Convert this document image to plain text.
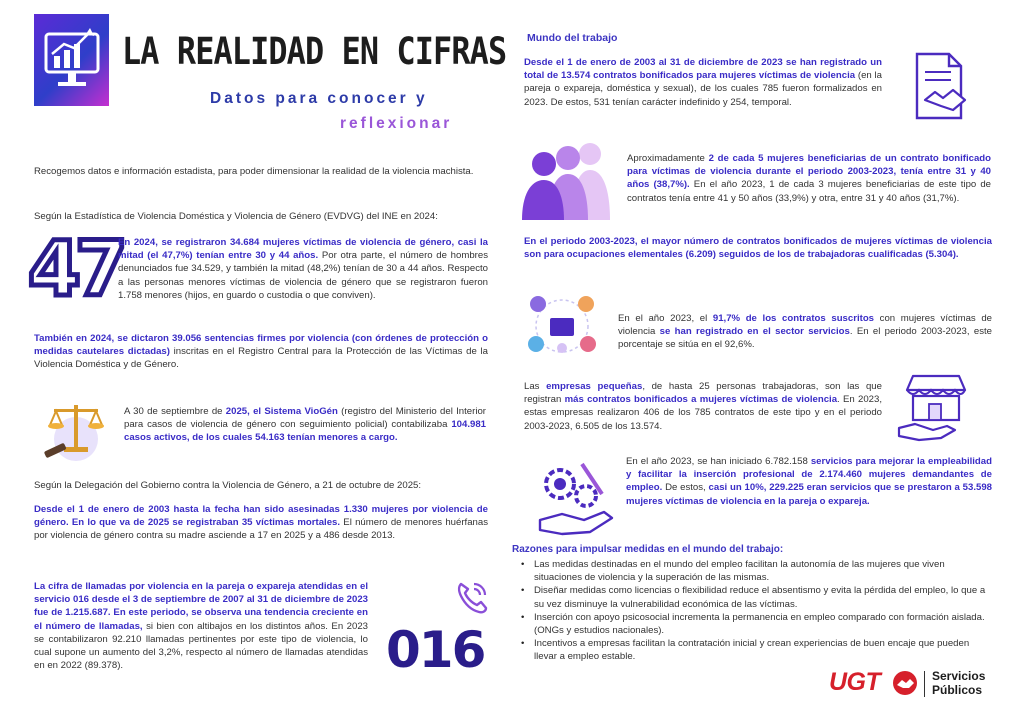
LA REALIDAD EN CIFRAS
Datos para conocer y
reflexionar
Recogemos datos e información estadista, para poder dimensionar la realidad de la violencia machista.
Según la Estadística de Violencia Doméstica y Violencia de Género (EVDVG) del INE en 2024:
47
En 2024, se registraron 34.684 mujeres víctimas de violencia de género, casi la mitad (el 47,7%) tenían entre 30 y 44 años. Por otra parte, el número de hombres denunciados fue 34.529, y también la mitad (48,2%) tenían de 30 a 44 años. Respecto a las personas menores víctimas de violencia de género que se registraron fueron 1.758 menores (hijos, en guardo o custodia o que conviven).
También en 2024, se dictaron 39.056 sentencias firmes por violencia (con órdenes de protección o medidas cautelares dictadas) inscritas en el Registro Central para la Protección de las Víctimas de la Violencia Doméstica y de Género.
A 30 de septiembre de 2025, el Sistema VioGén (registro del Ministerio del Interior para casos de violencia de género con seguimiento policial) contabilizaba 104.981 casos activos, de los cuales 54.163 tenían menores a cargo.
Según la Delegación del Gobierno contra la Violencia de Género, a 21 de octubre de 2025:
Desde el 1 de enero de 2003 hasta la fecha han sido asesinadas 1.330 mujeres por violencia de género. En lo que va de 2025 se registraban 35 víctimas mortales. El número de menores huérfanas por violencia de género contra su madre asciende a 17 en 2025 y a 486 desde 2013.
La cifra de llamadas por violencia en la pareja o expareja atendidas en el servicio 016 desde el 3 de septiembre de 2007 al 31 de diciembre de 2023 fue de 1.215.687. En este periodo, se observa una tendencia creciente en el número de llamadas, si bien con altibajos en los distintos años. En 2023 se contabilizaron 92.210 llamadas pertinentes por este tipo de violencia, lo cual supone un aumento del 3,2%, respecto al número de llamadas atendidas en en 2022 (89.378).	016
Mundo del trabajo
Desde el 1 de enero de 2003 al 31 de diciembre de 2023 se han registrado un total de 13.574 contratos bonificados para mujeres víctimas de violencia (en la pareja o expareja, doméstica y sexual), de los cuales 785 fueron formalizados en 2023. De estos, 531 tenían carácter indefinido y 254, temporal.
Aproximadamente 2 de cada 5 mujeres beneficiarias de un contrato bonificado para víctimas de violencia durante el periodo 2003-2023, tenía entre 31 y 40 años (38,7%). En el año 2023, 1 de cada 3 mujeres beneficiarias de este tipo de contratos tenía entre 41 y 50 años (33,9%) y otra, entre 31 y 40 años (31,7%).
En el periodo 2003-2023, el mayor número de contratos bonificados de mujeres víctimas de violencia son para ocupaciones elementales (6.209) seguidos de los de trabajadoras cualificadas (5.304).
En el año 2023, el 91,7% de los contratos suscritos con mujeres víctimas de violencia se han registrado en el sector servicios. En el periodo 2003-2023, este porcentaje se sitúa en el 92,6%.
Las empresas pequeñas, de hasta 25 personas trabajadoras, son las que registran más contratos bonificados a mujeres víctimas de violencia. En 2023, estas empresas realizaron 406 de los 785 contratos de este tipo y en el periodo 2003-2023, 6.505 de los 13.574.
En el año 2023, se han iniciado 6.782.158 servicios para mejorar la empleabilidad y facilitar la inserción profesional de 2.174.460 mujeres demandantes de empleo. De estos, casi un 10%, 229.225 eran servicios que se prestaron a 53.598 mujeres víctimas de violencia en la pareja o expareja.
Razones para impulsar medidas en el mundo del trabajo:
• Las medidas destinadas en el mundo del empleo facilitan la autonomía de las mujeres que viven situaciones de violencia y la superación de las mismas.
• Diseñar medidas como licencias o flexibilidad reduce el absentismo y evita la pérdida del empleo, lo que a su vez disminuye la vulnerabilidad económica de las víctimas.
• Inserción con apoyo psicosocial incrementa la permanencia en empleo comparado con formación aislada. (ONGs y estudios nacionales).
• Incentivos a empresas facilitan la contratación inicial y crean experiencias de buen encaje que pueden llevar a empleo estable.
UGT	Servicios
Públicos
